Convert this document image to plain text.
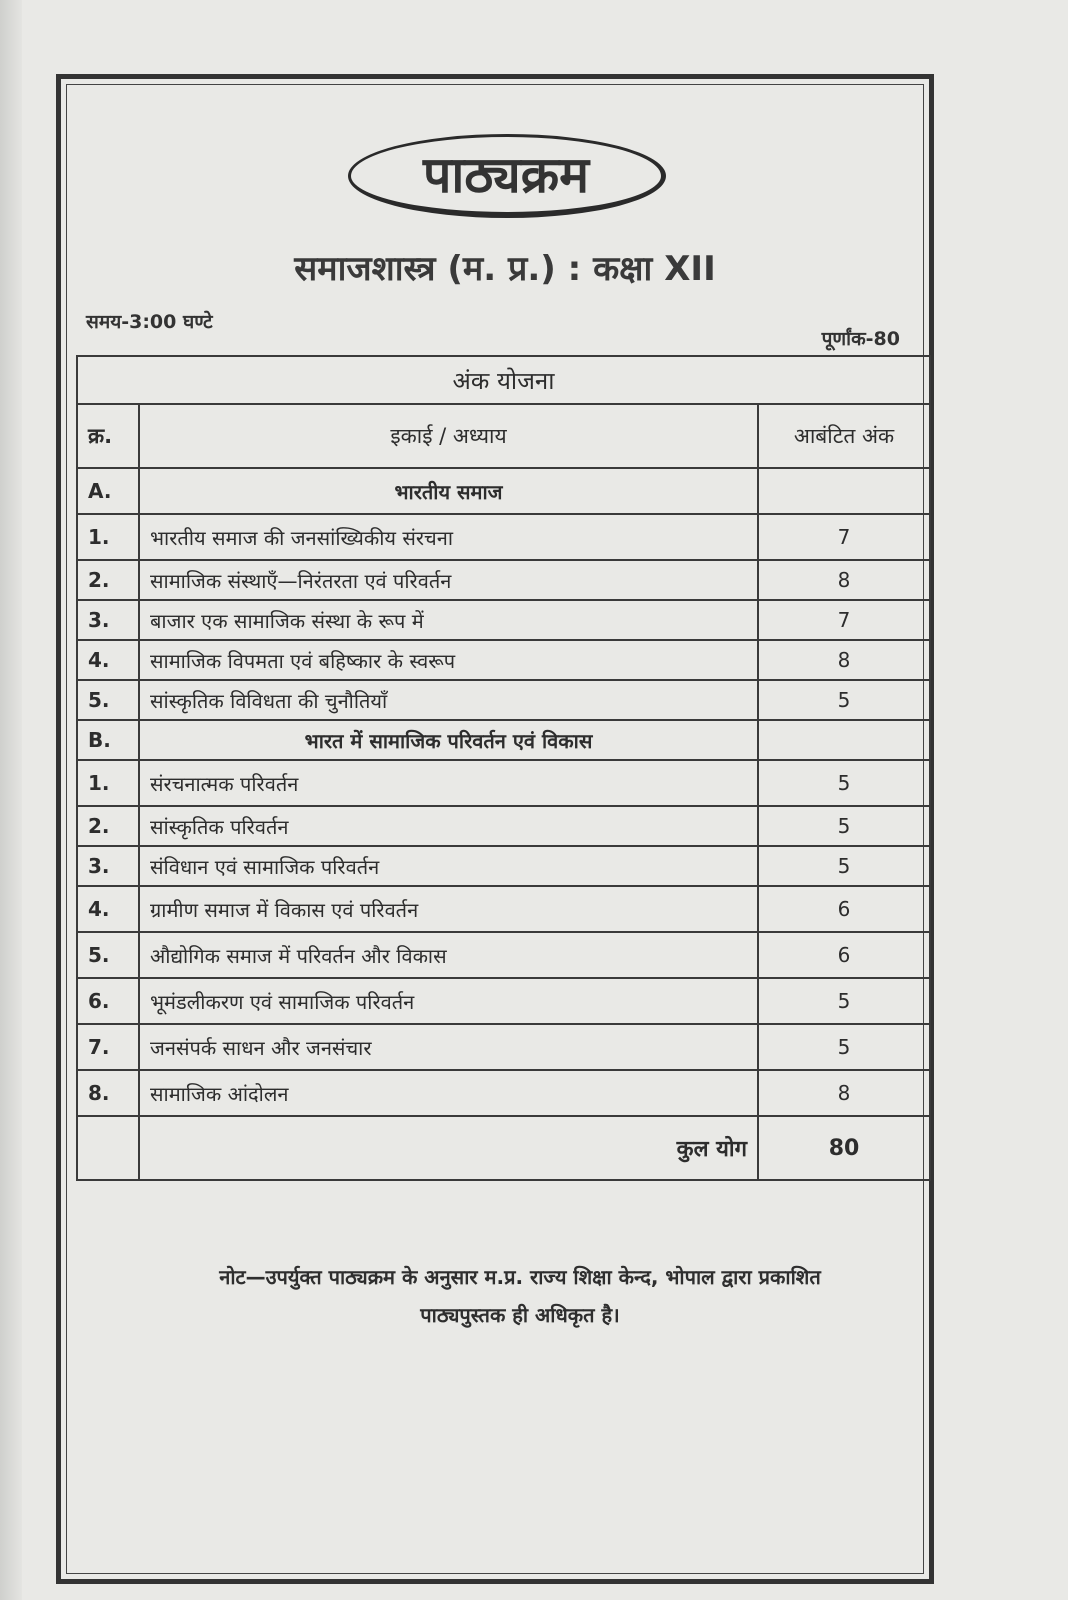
पाठ्यक्रम
समाजशास्त्र (म. प्र.) : कक्षा XII
समय-3:00 घण्टे
पूर्णांक-80
अंक योजना		
क्र.	इकाई / अध्याय	आबंटित अंक
A.	भारतीय समाज	
1.	भारतीय समाज की जनसांख्यिकीय संरचना	7
2.	सामाजिक संस्थाएँ—निरंतरता एवं परिवर्तन	8
3.	बाजार एक सामाजिक संस्था के रूप में	7
4.	सामाजिक विपमता एवं बहिष्कार के स्वरूप	8
5.	सांस्कृतिक विविधता की चुनौतियाँ	5
B.	भारत में सामाजिक परिवर्तन एवं विकास	
1.	संरचनात्मक परिवर्तन	5
2.	सांस्कृतिक परिवर्तन	5
3.	संविधान एवं सामाजिक परिवर्तन	5
4.	ग्रामीण समाज में विकास एवं परिवर्तन	6
5.	औद्योगिक समाज में परिवर्तन और विकास	6
6.	भूमंडलीकरण एवं सामाजिक परिवर्तन	5
7.	जनसंपर्क साधन और जनसंचार	5
8.	सामाजिक आंदोलन	8
	कुल योग	80
नोट—उपर्युक्त पाठ्यक्रम के अनुसार म.प्र. राज्य शिक्षा केन्द, भोपाल द्वारा प्रकाशित
पाठ्यपुस्तक ही अधिकृत है।
